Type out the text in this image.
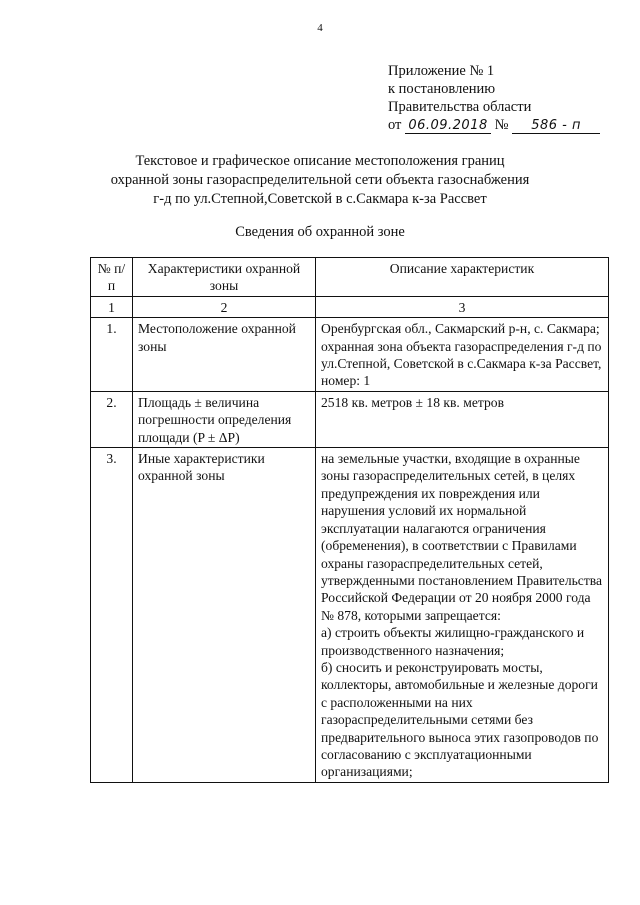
4
Приложение № 1
к постановлению
Правительства области
от 06.09.2018 № 586 - п
Текстовое и графическое описание местоположения границ
охранной зоны газораспределительной сети объекта газоснабжения
г-д по ул.Степной,Советской в с.Сакмара к-за Рассвет
Сведения об охранной зоне
№ п/п	Характеристики охранной зоны	Описание характеристик
1	2	3
1.	Местоположение охранной зоны	Оренбургская обл., Сакмарский р-н, с. Сакмара; охранная зона объекта газораспределения г-д по ул.Степной, Советской в с.Сакмара к-за Рассвет, номер: 1
2.	Площадь ± величина погрешности определения площади (P ± ΔP)	2518 кв. метров ± 18 кв. метров
3.	Иные характеристики охранной зоны	на земельные участки, входящие в охранные зоны газораспределительных сетей, в целях предупреждения их повреждения или нарушения условий их нормальной эксплуатации налагаются ограничения (обременения), в соответствии с Правилами охраны газораспределительных сетей, утвержденными постановлением Правительства Российской Федерации от 20 ноября 2000 года № 878, которыми запрещается:
а) строить объекты жилищно-гражданского и производственного назначения;
б) сносить и реконструировать мосты, коллекторы, автомобильные и железные дороги с расположенными на них газораспределительными сетями без предварительного выноса этих газопроводов по согласованию с эксплуатационными организациями;
